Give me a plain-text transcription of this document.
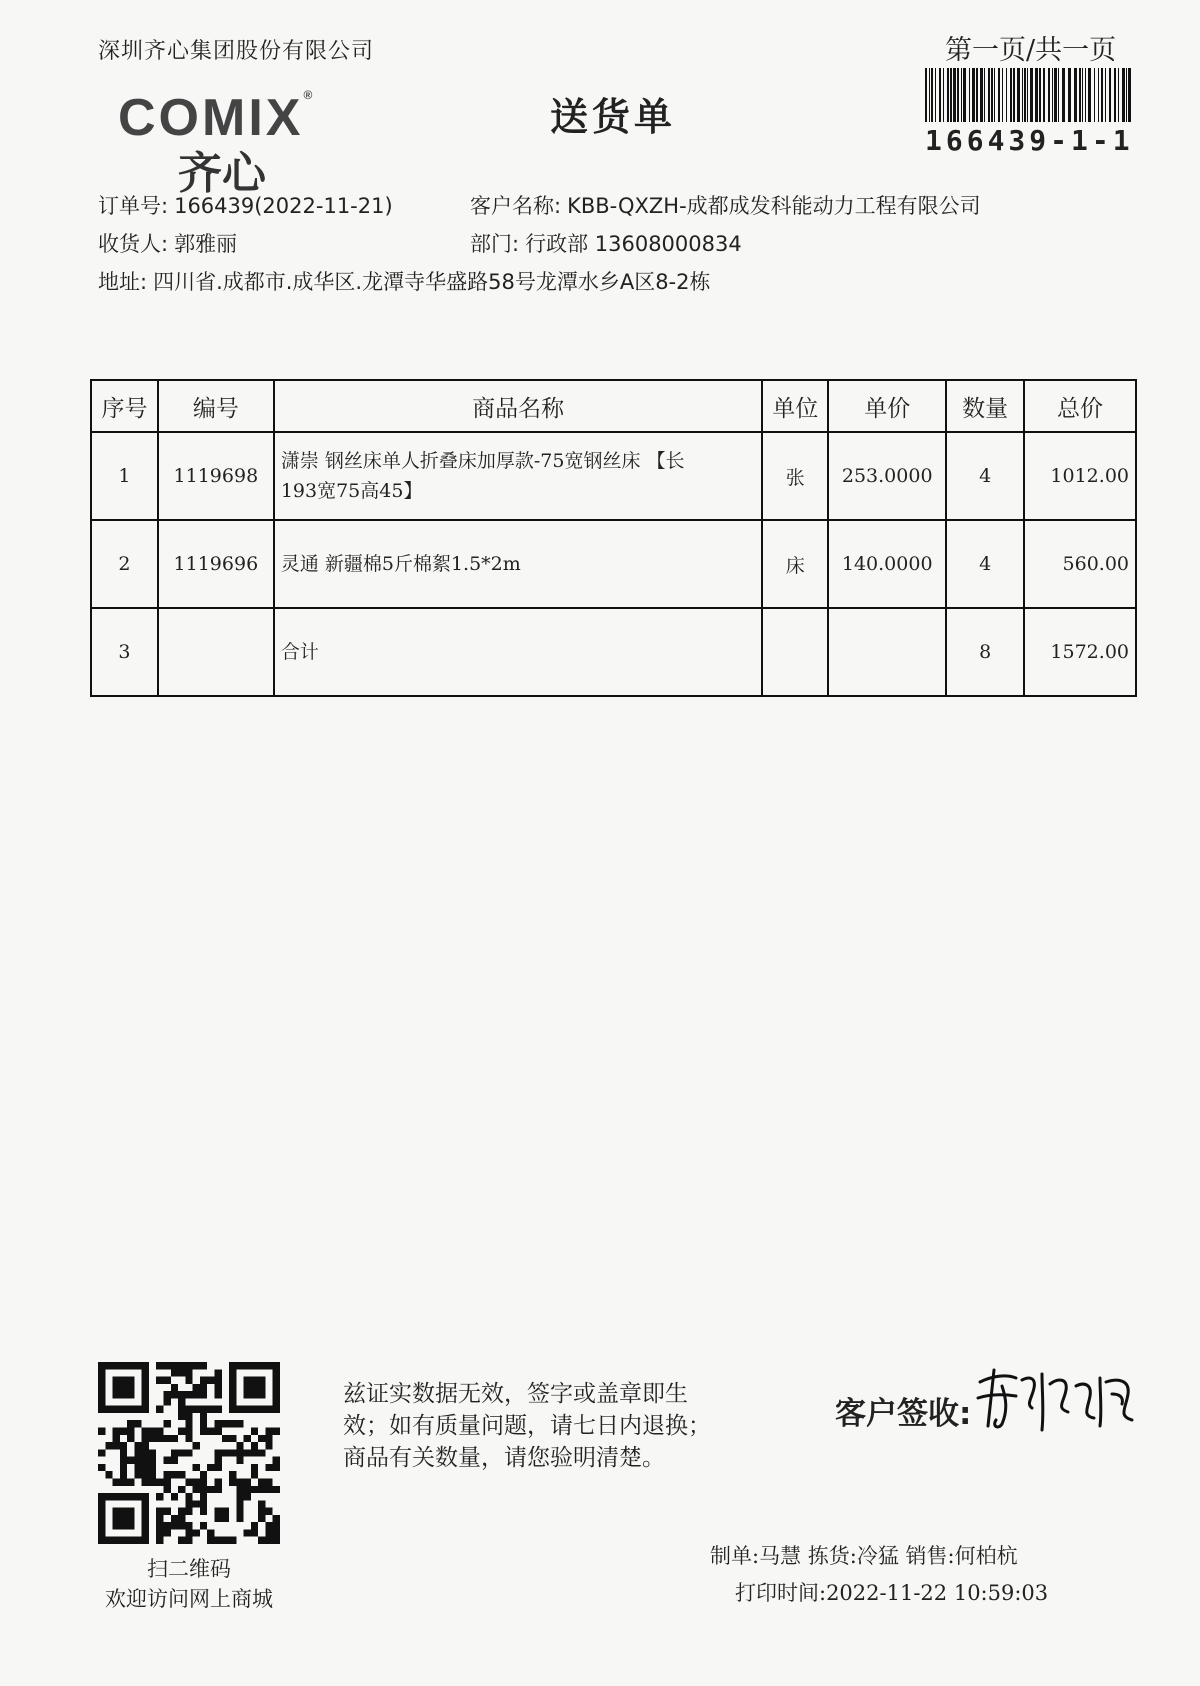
深圳齐心集团股份有限公司	第一页/共一页
COMIX®
齐心
送货单
166439-1-1
订单号: 166439(2022-11-21)	客户名称: KBB-QXZH-成都成发科能动力工程有限公司
收货人: 郭雅丽	部门: 行政部 13608000834
地址: 四川省.成都市.成华区.龙潭寺华盛路58号龙潭水乡A区8-2栋
序号	编号	商品名称	单位	单价	数量	总价
1	1119698	潇崇 钢丝床单人折叠床加厚款-75宽钢丝床 【长
193宽75高45】	张	253.0000	4	1012.00
2	1119696	灵通 新疆棉5斤棉絮1.5*2m	床	140.0000	4	560.00
3		合计			8	1572.00
扫二维码
欢迎访问网上商城
兹证实数据无效，签字或盖章即生
效；如有质量问题，请七日内退换；
商品有关数量，请您验明清楚。
客户签收:
制单:马慧 拣货:冷猛 销售:何柏杭
打印时间:2022-11-22 10:59:03
